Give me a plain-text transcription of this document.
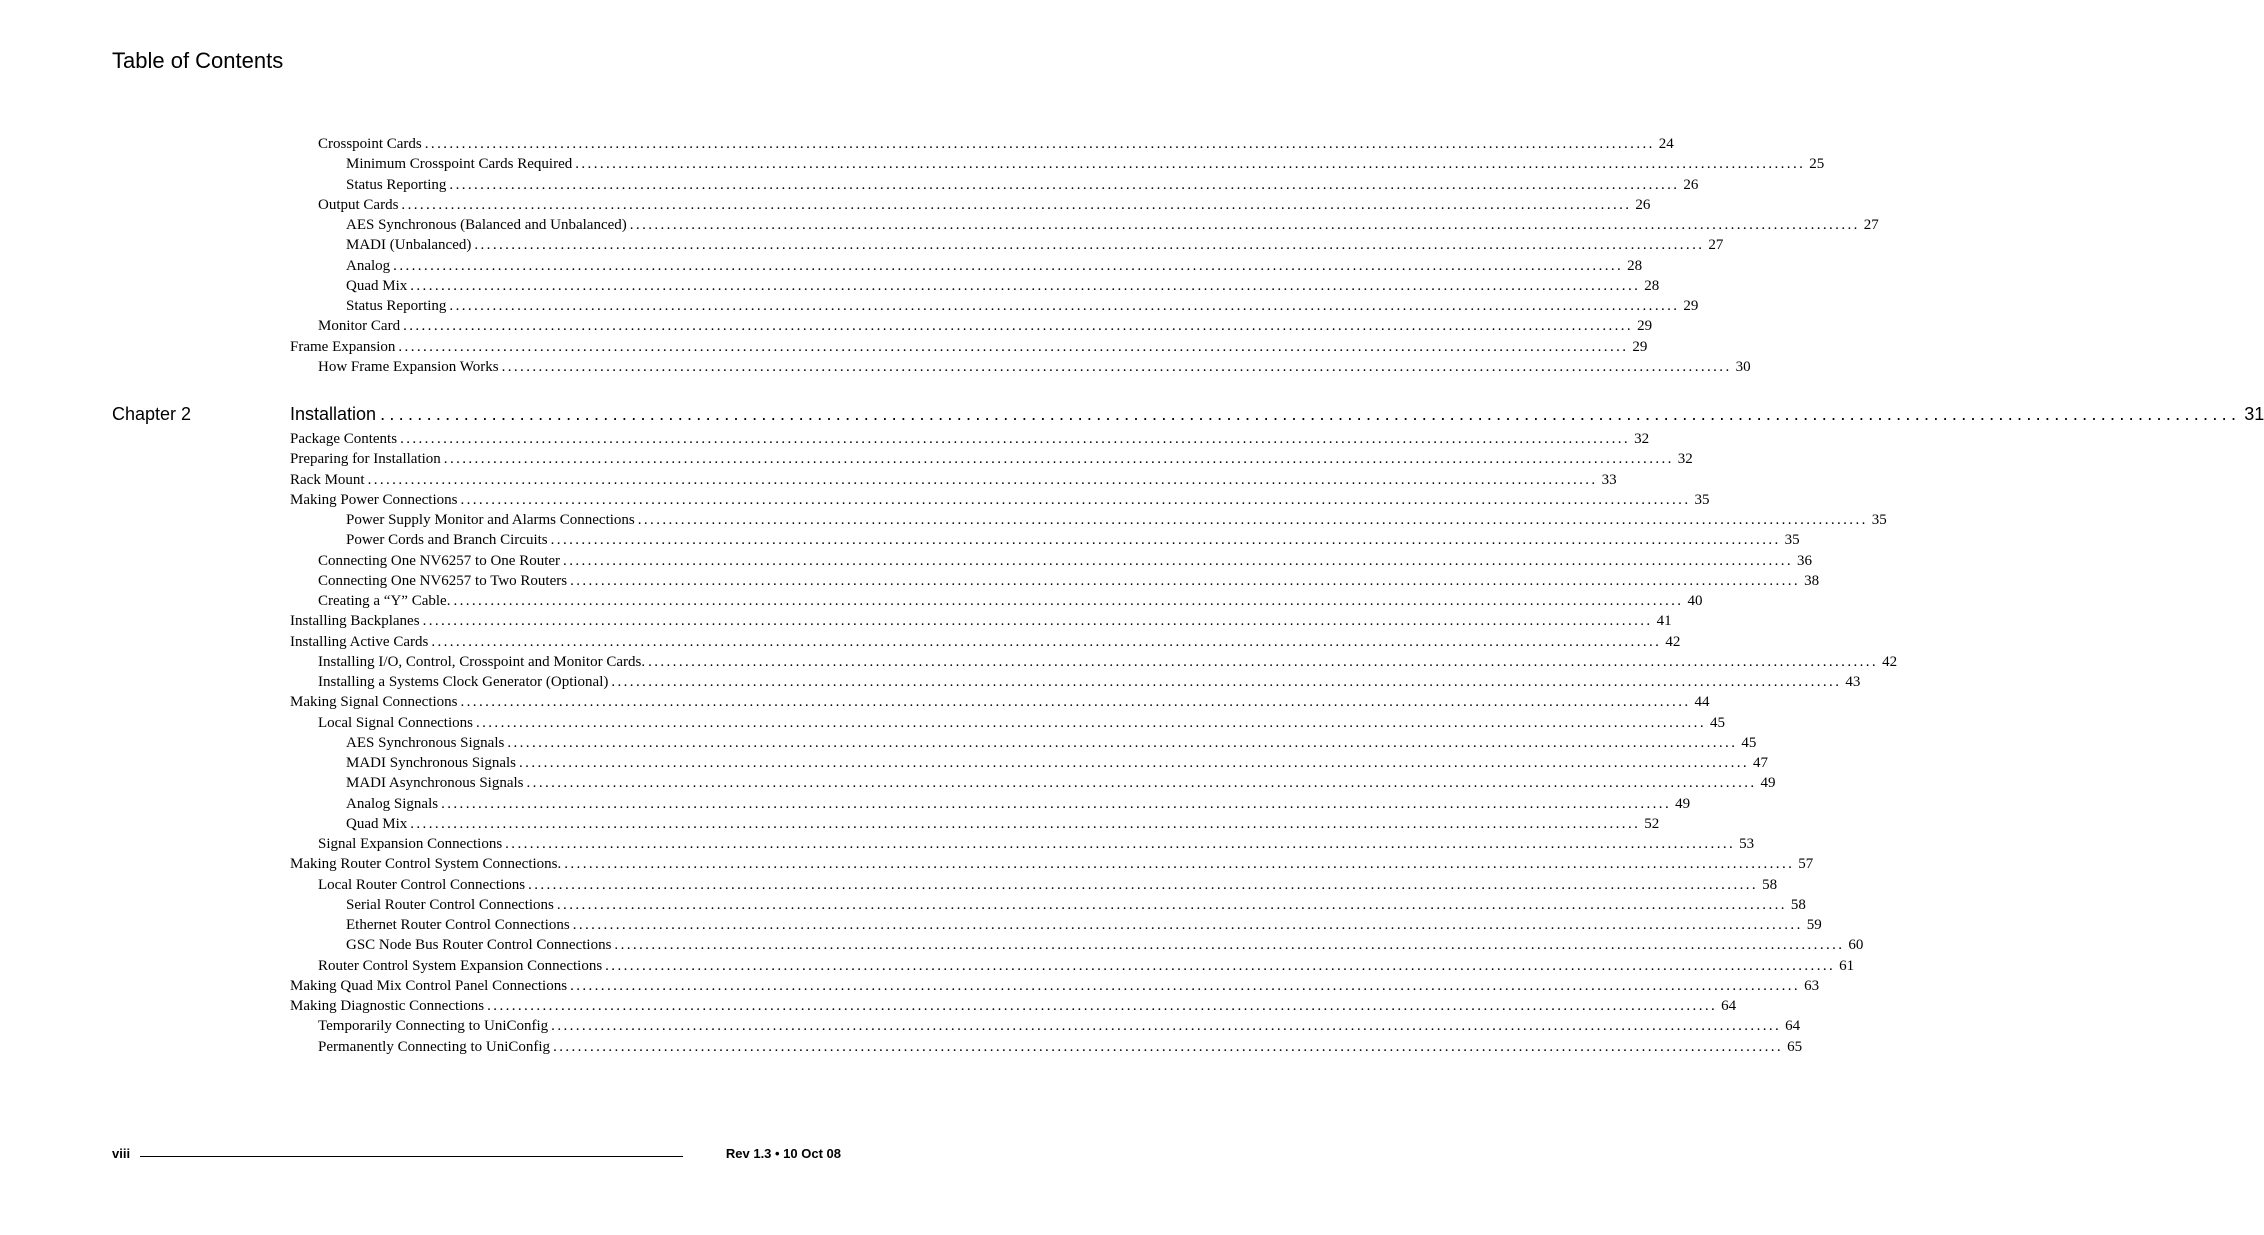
Table of Contents
Crosspoint Cards ........................................................................................................................................................................................................ 24
Minimum Crosspoint Cards Required ........................................................................................................................................................................................................ 25
Status Reporting ........................................................................................................................................................................................................ 26
Output Cards ........................................................................................................................................................................................................ 26
AES Synchronous (Balanced and Unbalanced) ........................................................................................................................................................................................................ 27
MADI (Unbalanced) ........................................................................................................................................................................................................ 27
Analog ........................................................................................................................................................................................................ 28
Quad Mix ........................................................................................................................................................................................................ 28
Status Reporting ........................................................................................................................................................................................................ 29
Monitor Card ........................................................................................................................................................................................................ 29
Frame Expansion ........................................................................................................................................................................................................ 29
How Frame Expansion Works ........................................................................................................................................................................................................ 30
Package Contents ........................................................................................................................................................................................................ 32
Preparing for Installation ........................................................................................................................................................................................................ 32
Rack Mount ........................................................................................................................................................................................................ 33
Making Power Connections ........................................................................................................................................................................................................ 35
Power Supply Monitor and Alarms Connections ........................................................................................................................................................................................................ 35
Power Cords and Branch Circuits ........................................................................................................................................................................................................ 35
Connecting One NV6257 to One Router ........................................................................................................................................................................................................ 36
Connecting One NV6257 to Two Routers ........................................................................................................................................................................................................ 38
Creating a “Y” Cable. ........................................................................................................................................................................................................ 40
Installing Backplanes ........................................................................................................................................................................................................ 41
Installing Active Cards ........................................................................................................................................................................................................ 42
Installing I/O, Control, Crosspoint and Monitor Cards. ........................................................................................................................................................................................................ 42
Installing a Systems Clock Generator (Optional) ........................................................................................................................................................................................................ 43
Making Signal Connections ........................................................................................................................................................................................................ 44
Local Signal Connections ........................................................................................................................................................................................................ 45
AES Synchronous Signals ........................................................................................................................................................................................................ 45
MADI Synchronous Signals ........................................................................................................................................................................................................ 47
MADI Asynchronous Signals ........................................................................................................................................................................................................ 49
Analog Signals ........................................................................................................................................................................................................ 49
Quad Mix ........................................................................................................................................................................................................ 52
Signal Expansion Connections ........................................................................................................................................................................................................ 53
Making Router Control System Connections. ........................................................................................................................................................................................................ 57
Local Router Control Connections ........................................................................................................................................................................................................ 58
Serial Router Control Connections ........................................................................................................................................................................................................ 58
Ethernet Router Control Connections ........................................................................................................................................................................................................ 59
GSC Node Bus Router Control Connections ........................................................................................................................................................................................................ 60
Router Control System Expansion Connections ........................................................................................................................................................................................................ 61
Making Quad Mix Control Panel Connections ........................................................................................................................................................................................................ 63
Making Diagnostic Connections ........................................................................................................................................................................................................ 64
Temporarily Connecting to UniConfig ........................................................................................................................................................................................................ 64
Permanently Connecting to UniConfig ........................................................................................................................................................................................................ 65
Chapter 2	Installation ........................................................................................................................................................................................................ 31
viii	Rev 1.3 • 10 Oct 08
